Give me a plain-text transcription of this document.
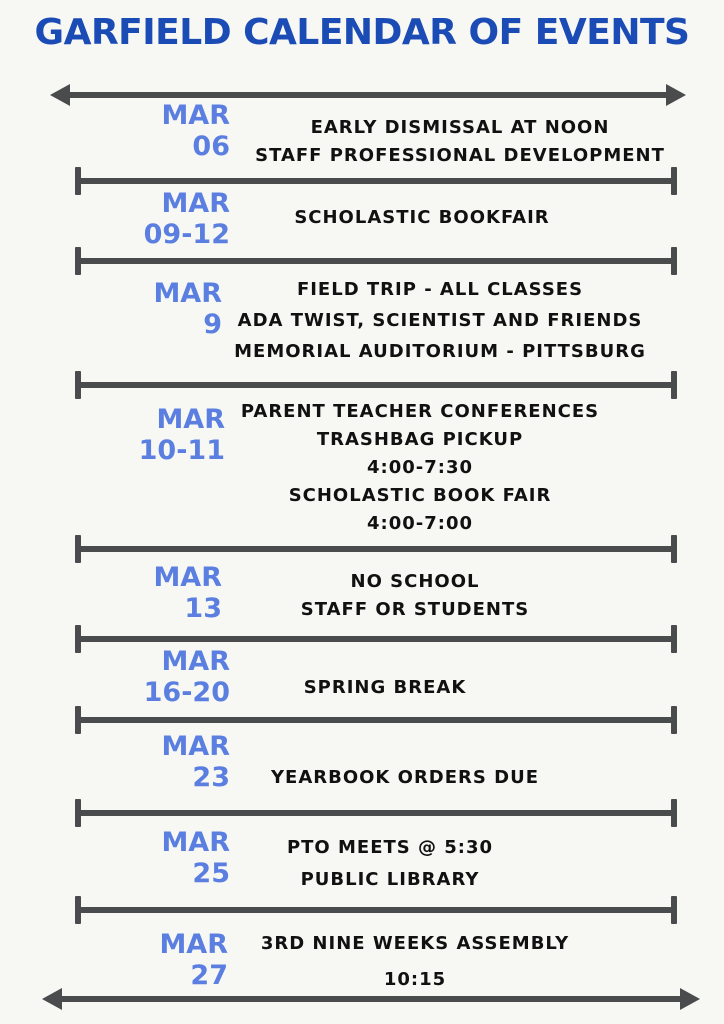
GARFIELD CALENDAR OF EVENTS
MAR
06
EARLY DISMISSAL AT NOON
STAFF PROFESSIONAL DEVELOPMENT
MAR
09-12
SCHOLASTIC BOOKFAIR
MAR
9
FIELD TRIP - ALL CLASSES
ADA TWIST, SCIENTIST AND FRIENDS
MEMORIAL AUDITORIUM - PITTSBURG
MAR
10-11
PARENT TEACHER CONFERENCES
TRASHBAG PICKUP
4:00-7:30
SCHOLASTIC BOOK FAIR
4:00-7:00
MAR
13
NO SCHOOL
STAFF OR STUDENTS
MAR
16-20	SPRING BREAK
MAR
23	YEARBOOK ORDERS DUE
MAR
25
PTO MEETS @ 5:30
PUBLIC LIBRARY
MAR
27
3RD NINE WEEKS ASSEMBLY
10:15
